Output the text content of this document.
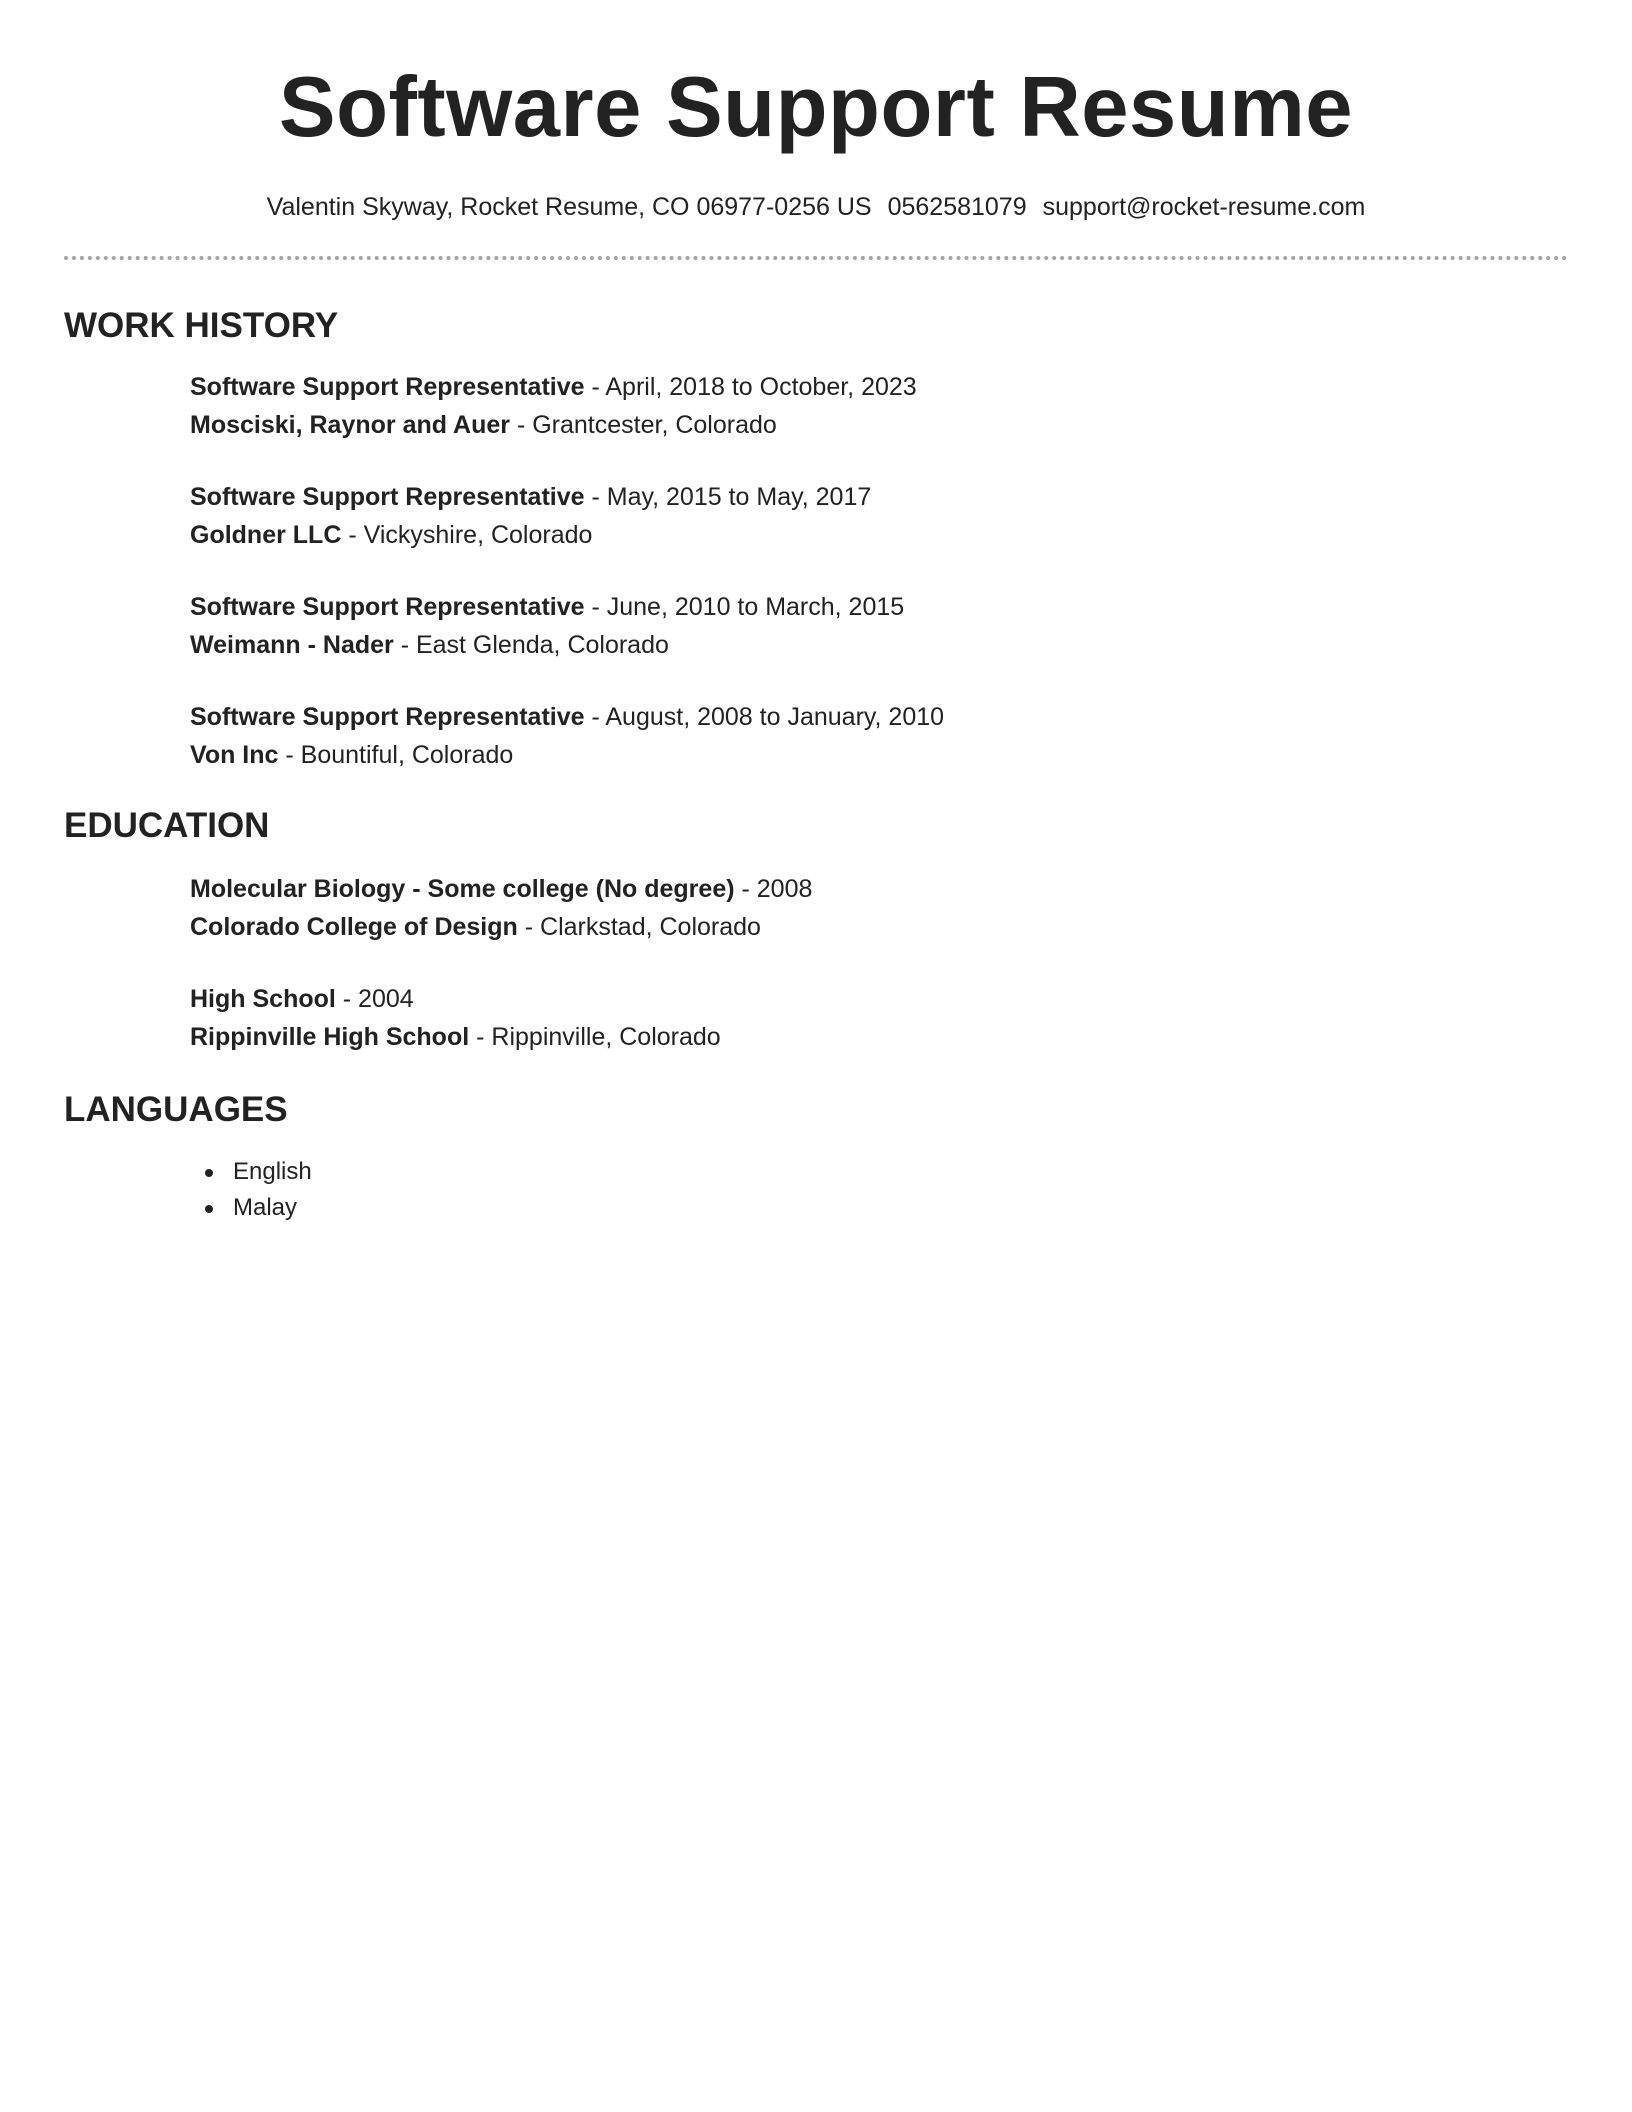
Software Support Resume
Valentin Skyway, Rocket Resume, CO 06977-0256 US 0562581079 support@rocket-resume.com
WORK HISTORY
Software Support Representative - April, 2018 to October, 2023
Mosciski, Raynor and Auer - Grantcester, Colorado
Software Support Representative - May, 2015 to May, 2017
Goldner LLC - Vickyshire, Colorado
Software Support Representative - June, 2010 to March, 2015
Weimann - Nader - East Glenda, Colorado
Software Support Representative - August, 2008 to January, 2010
Von Inc - Bountiful, Colorado
EDUCATION
Molecular Biology - Some college (No degree) - 2008
Colorado College of Design - Clarkstad, Colorado
High School - 2004
Rippinville High School - Rippinville, Colorado
LANGUAGES
English
Malay
